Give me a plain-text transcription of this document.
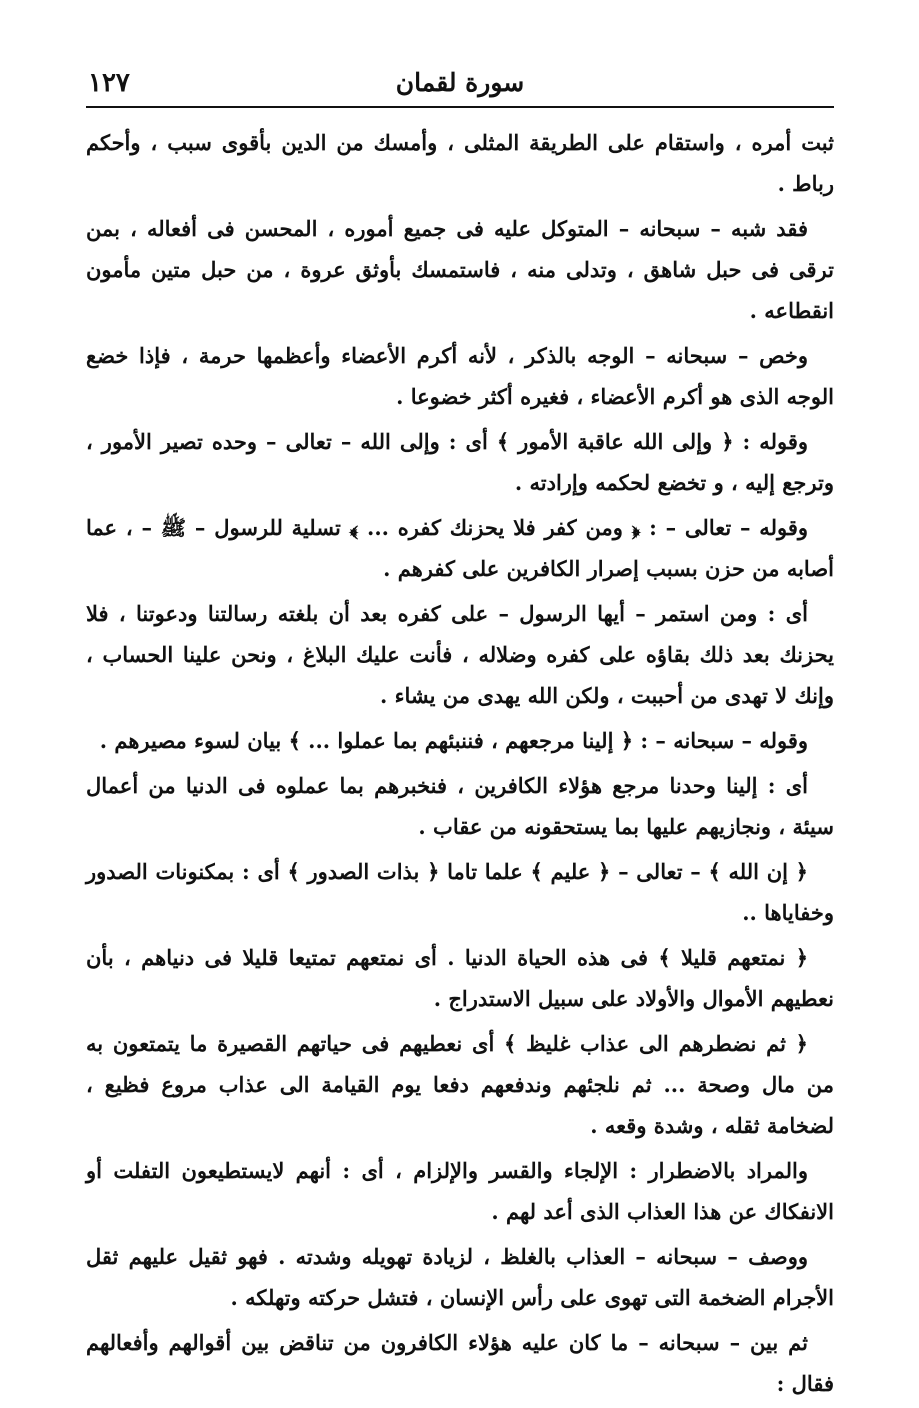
١٢٧	سورة لقمان

ثبت أمره ، واستقام على الطريقة المثلى ، وأمسك من الدين بأقوى سبب ، وأحكم رباط .

فقد شبه – سبحانه – المتوكل عليه فى جميع أموره ، المحسن فى أفعاله ، بمن ترقى فى حبل شاهق ، وتدلى منه ، فاستمسك بأوثق عروة ، من حبل متين مأمون انقطاعه .

وخص – سبحانه – الوجه بالذكر ، لأنه أكرم الأعضاء وأعظمها حرمة ، فإذا خضع الوجه الذى هو أكرم الأعضاء ، فغيره أكثر خضوعا .

وقوله : ﴿ وإلى الله عاقبة الأمور ﴾ أى : وإلى الله – تعالى – وحده تصير الأمور ، وترجع إليه ، و تخضع لحكمه وإرادته .

وقوله – تعالى – : ﴿ ومن كفر فلا يحزنك كفره ... ﴾ تسلية للرسول – ﷺ – ، عما أصابه من حزن بسبب إصرار الكافرين على كفرهم .

أى : ومن استمر – أيها الرسول – على كفره بعد أن بلغته رسالتنا ودعوتنا ، فلا يحزنك بعد ذلك بقاؤه على كفره وضلاله ، فأنت عليك البلاغ ، ونحن علينا الحساب ، وإنك لا تهدى من أحببت ، ولكن الله يهدى من يشاء .

وقوله – سبحانه – : ﴿ إلينا مرجعهم ، فننبئهم بما عملوا ... ﴾ بيان لسوء مصيرهم .

أى : إلينا وحدنا مرجع هؤلاء الكافرين ، فنخبرهم بما عملوه فى الدنيا من أعمال سيئة ، ونجازيهم عليها بما يستحقونه من عقاب .

﴿ إن الله ﴾ – تعالى – ﴿ عليم ﴾ علما تاما ﴿ بذات الصدور ﴾ أى : بمكنونات الصدور وخفاياها ..

﴿ نمتعهم قليلا ﴾ فى هذه الحياة الدنيا . أى نمتعهم تمتيعا قليلا فى دنياهم ، بأن نعطيهم الأموال والأولاد على سبيل الاستدراج .

﴿ ثم نضطرهم الى عذاب غليظ ﴾ أى نعطيهم فى حياتهم القصيرة ما يتمتعون به من مال وصحة ... ثم نلجئهم وندفعهم دفعا يوم القيامة الى عذاب مروع فظيع ، لضخامة ثقله ، وشدة وقعه .

والمراد بالاضطرار : الإلجاء والقسر والإلزام ، أى : أنهم لايستطيعون التفلت أو الانفكاك عن هذا العذاب الذى أعد لهم .

ووصف – سبحانه – العذاب بالغلظ ، لزيادة تهويله وشدته . فهو ثقيل عليهم ثقل الأجرام الضخمة التى تهوى على رأس الإنسان ، فتشل حركته وتهلكه .

ثم بين – سبحانه – ما كان عليه هؤلاء الكافرون من تناقض بين أقوالهم وأفعالهم فقال :
